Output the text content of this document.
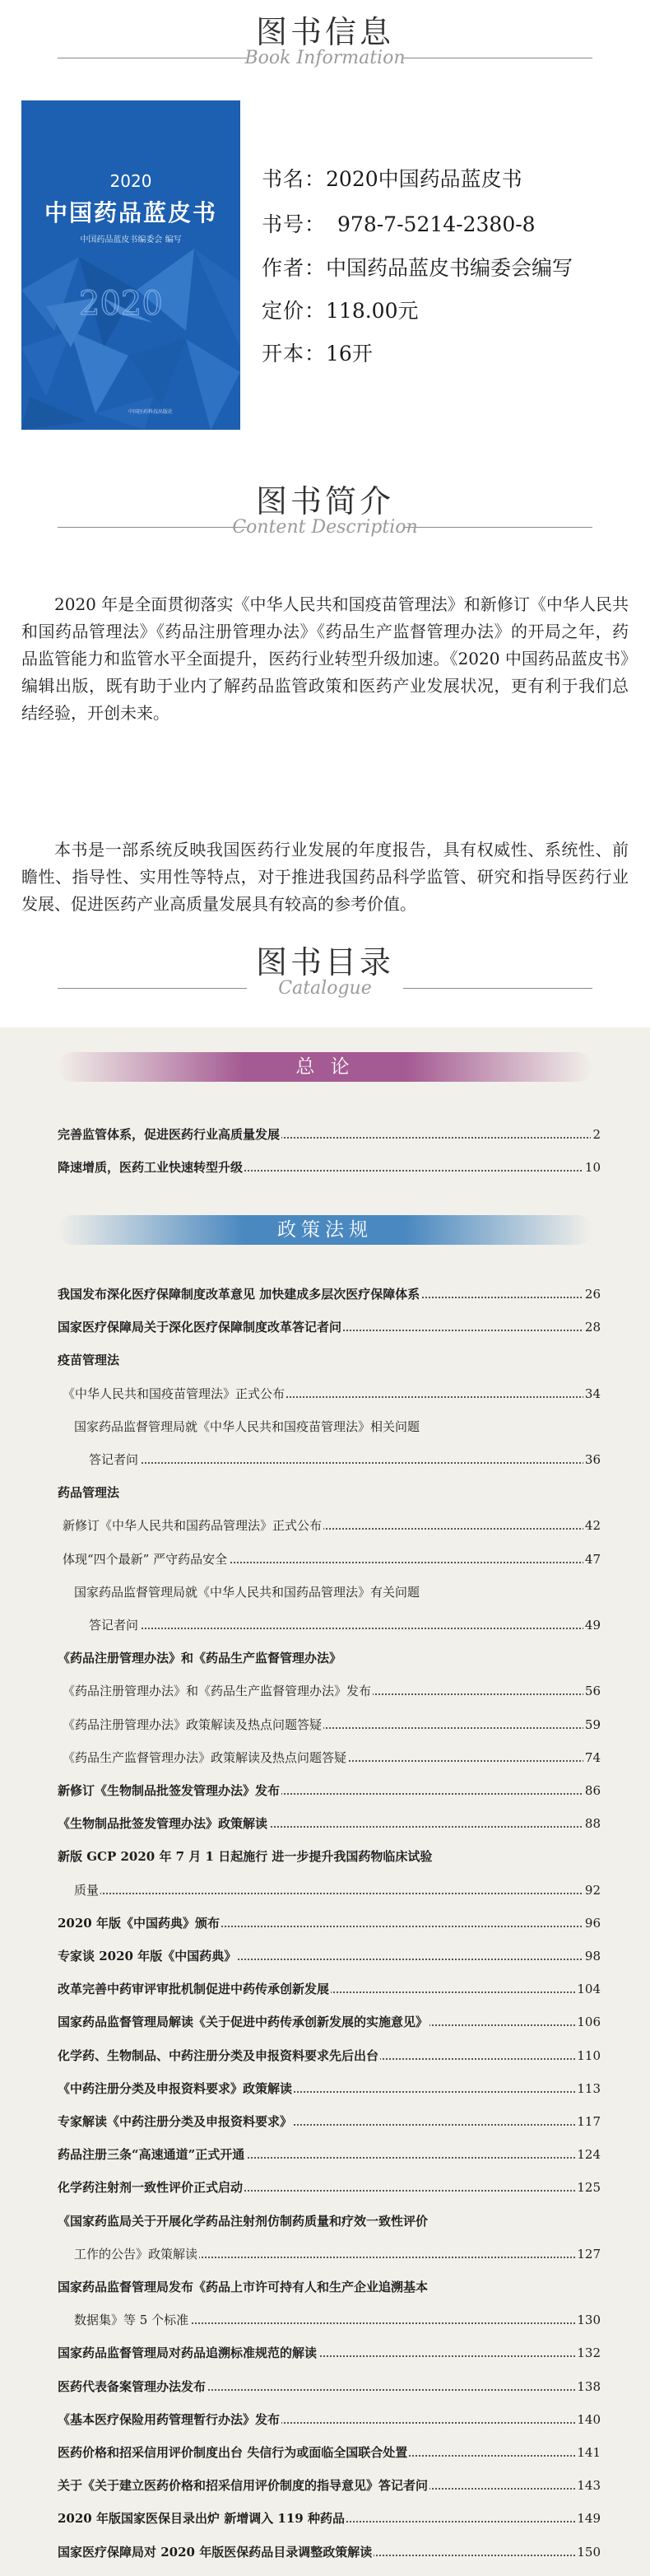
图书信息
Book Information
2020
2020
中国药品蓝皮书
中国药品蓝皮书编委会 编写
中国医药科技出版社
书名：2020中国药品蓝皮书
书号： 978-7-5214-2380-8
作者：中国药品蓝皮书编委会编写
定价：118.00元
开本：16开
图书简介
Content Description
2020 年是全面贯彻落实《中华人民共和国疫苗管理法》和新修订《中华人民共和国药品管理法》《药品注册管理办法》《药品生产监督管理办法》的开局之年，药品监管能力和监管水平全面提升，医药行业转型升级加速。《2020 中国药品蓝皮书》编辑出版，既有助于业内了解药品监管政策和医药产业发展状况，更有利于我们总结经验，开创未来。
本书是一部系统反映我国医药行业发展的年度报告，具有权威性、系统性、前瞻性、指导性、实用性等特点，对于推进我国药品科学监管、研究和指导医药行业发展、促进医药产业高质量发展具有较高的参考价值。
图书目录
Catalogue
总 论
政策法规
完善监管体系，促进医药行业高质量发展	2
降速增质，医药工业快速转型升级	10
我国发布深化医疗保障制度改革意见 加快建成多层次医疗保障体系	26
国家医疗保障局关于深化医疗保障制度改革答记者问	28
疫苗管理法
《中华人民共和国疫苗管理法》正式公布	34
国家药品监督管理局就《中华人民共和国疫苗管理法》相关问题
答记者问	36
药品管理法
新修订《中华人民共和国药品管理法》正式公布	42
体现“四个最新” 严守药品安全	47
国家药品监督管理局就《中华人民共和国药品管理法》有关问题
答记者问	49
《药品注册管理办法》和《药品生产监督管理办法》
《药品注册管理办法》和《药品生产监督管理办法》发布	56
《药品注册管理办法》政策解读及热点问题答疑	59
《药品生产监督管理办法》政策解读及热点问题答疑	74
新修订《生物制品批签发管理办法》发布	86
《生物制品批签发管理办法》政策解读	88
新版 GCP 2020 年 7 月 1 日起施行 进一步提升我国药物临床试验
质量	92
2020 年版《中国药典》颁布	96
专家谈 2020 年版《中国药典》	98
改革完善中药审评审批机制促进中药传承创新发展	104
国家药品监督管理局解读《关于促进中药传承创新发展的实施意见》	106
化学药、生物制品、中药注册分类及申报资料要求先后出台	110
《中药注册分类及申报资料要求》政策解读	113
专家解读《中药注册分类及申报资料要求》	117
药品注册三条“高速通道”正式开通	124
化学药注射剂一致性评价正式启动	125
《国家药监局关于开展化学药品注射剂仿制药质量和疗效一致性评价
工作的公告》政策解读	127
国家药品监督管理局发布《药品上市许可持有人和生产企业追溯基本
数据集》等 5 个标准	130
国家药品监督管理局对药品追溯标准规范的解读	132
医药代表备案管理办法发布	138
《基本医疗保险用药管理暂行办法》发布	140
医药价格和招采信用评价制度出台 失信行为或面临全国联合处置	141
关于《关于建立医药价格和招采信用评价制度的指导意见》答记者问	143
2020 年版国家医保目录出炉 新增调入 119 种药品	149
国家医疗保障局对 2020 年版医保药品目录调整政策解读	150
